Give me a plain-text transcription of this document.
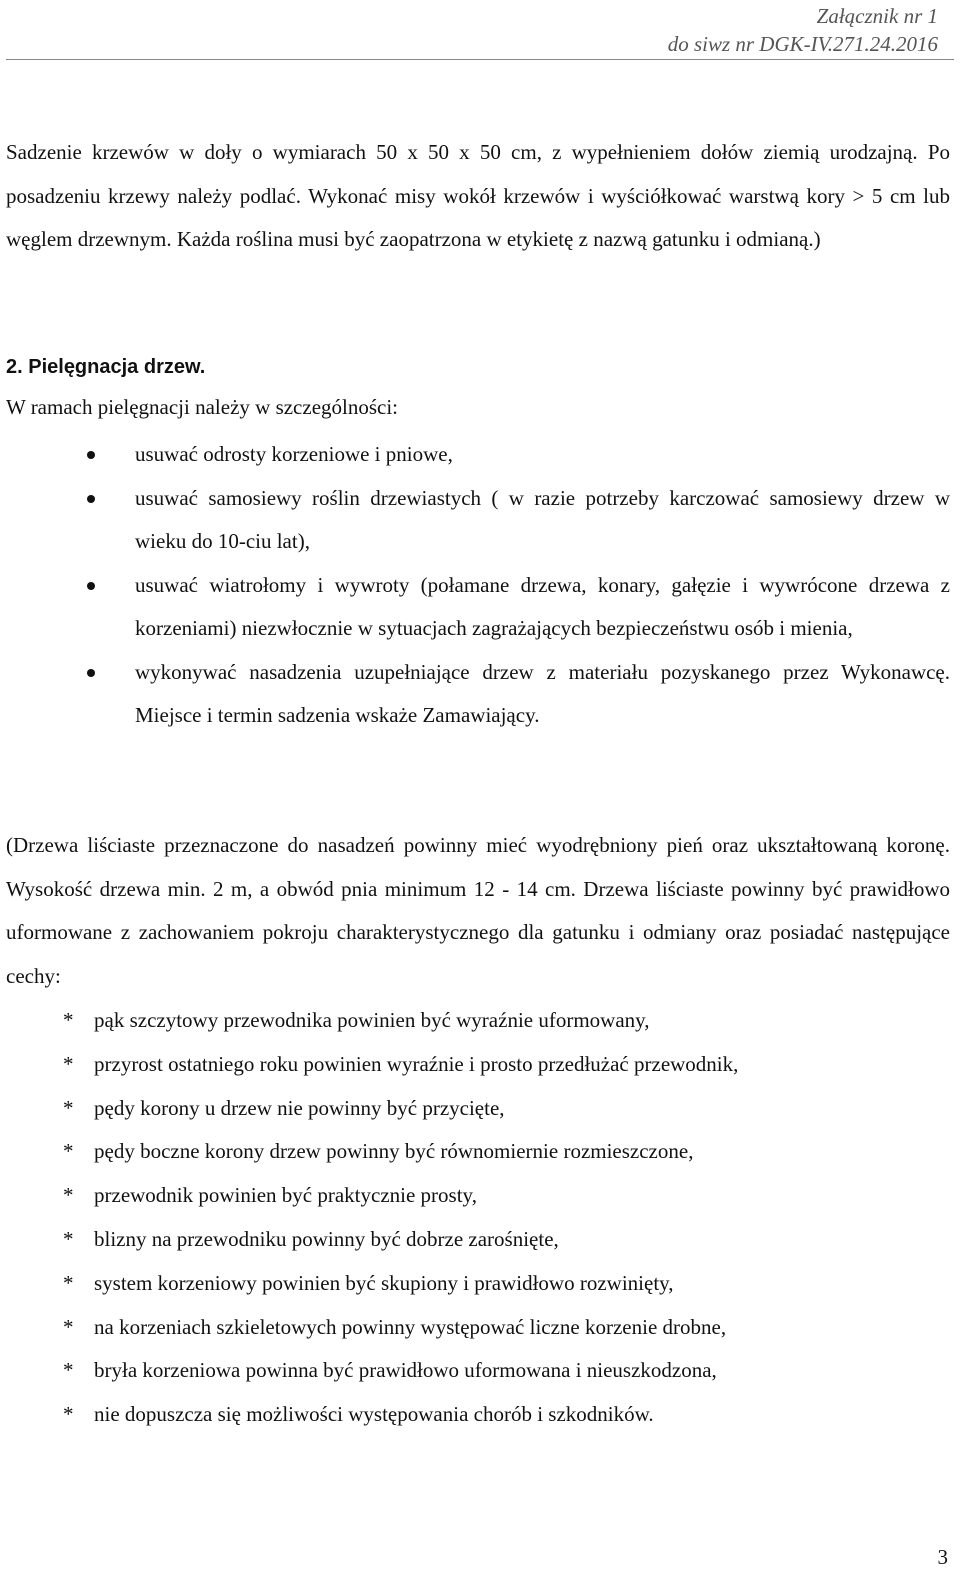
Załącznik nr 1
do siwz nr DGK-IV.271.24.2016
Sadzenie krzewów w doły o wymiarach 50 x 50 x 50 cm, z wypełnieniem dołów ziemią urodzajną. Po posadzeniu krzewy należy podlać. Wykonać misy wokół krzewów i wyściółkować warstwą kory > 5 cm lub węglem drzewnym. Każda roślina musi być zaopatrzona w etykietę z nazwą gatunku i odmianą.)
2. Pielęgnacja drzew.
W ramach pielęgnacji należy w szczególności:
usuwać odrosty korzeniowe i pniowe,
usuwać samosiewy roślin drzewiastych ( w razie potrzeby karczować samosiewy drzew w wieku do 10-ciu lat),
usuwać wiatrołomy i wywroty (połamane drzewa, konary, gałęzie i wywrócone drzewa z korzeniami) niezwłocznie w sytuacjach zagrażających bezpieczeństwu osób i mienia,
wykonywać nasadzenia uzupełniające drzew z materiału pozyskanego przez Wykonawcę. Miejsce i termin sadzenia wskaże Zamawiający.
(Drzewa liściaste przeznaczone do nasadzeń powinny mieć wyodrębniony pień oraz ukształtowaną koronę. Wysokość drzewa min. 2 m, a obwód pnia minimum 12 - 14 cm. Drzewa liściaste powinny być prawidłowo uformowane z zachowaniem pokroju charakterystycznego dla gatunku i odmiany oraz posiadać następujące cechy:
* pąk szczytowy przewodnika powinien być wyraźnie uformowany,
* przyrost ostatniego roku powinien wyraźnie i prosto przedłużać przewodnik,
* pędy korony u drzew nie powinny być przycięte,
* pędy boczne korony drzew powinny być równomiernie rozmieszczone,
* przewodnik powinien być praktycznie prosty,
* blizny na przewodniku powinny być dobrze zarośnięte,
* system korzeniowy powinien być skupiony i prawidłowo rozwinięty,
* na korzeniach szkieletowych powinny występować liczne korzenie drobne,
* bryła korzeniowa powinna być prawidłowo uformowana i nieuszkodzona,
* nie dopuszcza się możliwości występowania chorób i szkodników.
3
